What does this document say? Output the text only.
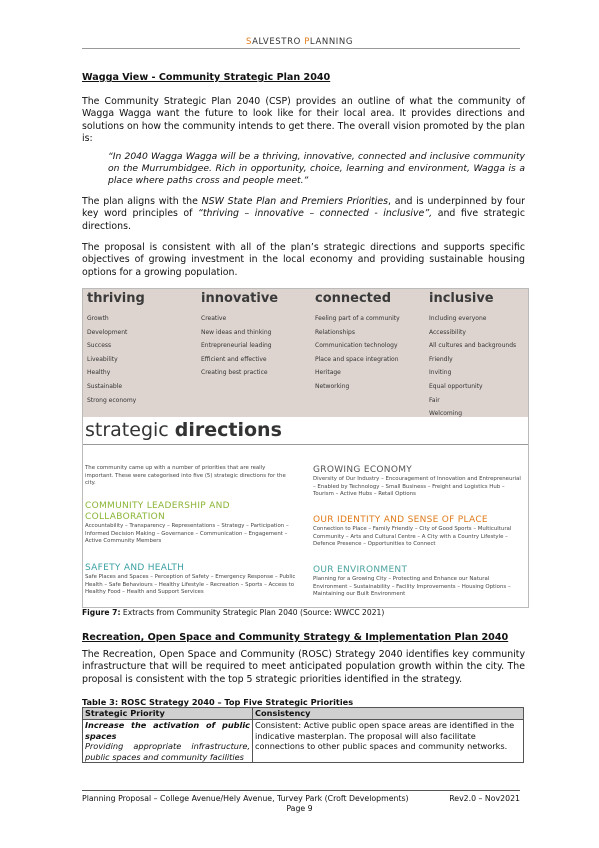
SALVESTRO PLANNING
Wagga View - Community Strategic Plan 2040

The Community Strategic Plan 2040 (CSP) provides an outline of what the community of Wagga Wagga want the future to look like for their local area. It provides directions and solutions on how the community intends to get there. The overall vision promoted by the plan is:

“In 2040 Wagga Wagga will be a thriving, innovative, connected and inclusive community on the Murrumbidgee. Rich in opportunity, choice, learning and environment, Wagga is a place where paths cross and people meet.”

The plan aligns with the NSW State Plan and Premiers Priorities, and is underpinned by four key word principles of “thriving – innovative – connected - inclusive”, and five strategic directions.

The proposal is consistent with all of the plan’s strategic directions and supports specific objectives of growing investment in the local economy and providing sustainable housing options for a growing population.

thriving
Growth
Development
Success
Liveability
Healthy
Sustainable
Strong economy
innovative
Creative
New ideas and thinking
Entrepreneurial leading
Efficient and effective
Creating best practice
connected
Feeling part of a community
Relationships
Communication technology
Place and space integration
Heritage
Networking
inclusive
Including everyone
Accessibility
All cultures and backgrounds
Friendly
Inviting
Equal opportunity
Fair
Welcoming
strategic directions
The community came up with a number of priorities that are really important. These were categorised into five (5) strategic directions for the city.
COMMUNITY LEADERSHIP AND COLLABORATION
Accountability – Transparency – Representations – Strategy – Participation – Informed Decision Making – Governance – Communication – Engagement – Active Community Members
SAFETY AND HEALTH
Safe Places and Spaces – Perception of Safety – Emergency Response – Public Health – Safe Behaviours – Healthy Lifestyle – Recreation – Sports – Access to Healthy Food – Health and Support Services
GROWING ECONOMY
Diversity of Our Industry – Encouragement of Innovation and Entrepreneurial – Enabled by Technology – Small Business – Freight and Logistics Hub – Tourism – Active Hubs – Retail Options
OUR IDENTITY AND SENSE OF PLACE
Connection to Place – Family Friendly – City of Good Sports – Multicultural Community – Arts and Cultural Centre – A City with a Country Lifestyle – Defence Presence – Opportunities to Connect
OUR ENVIRONMENT
Planning for a Growing City – Protecting and Enhance our Natural Environment – Sustainability – Facility Improvements – Housing Options – Maintaining our Built Environment
Figure 7: Extracts from Community Strategic Plan 2040 (Source: WWCC 2021)
Recreation, Open Space and Community Strategy & Implementation Plan 2040

The Recreation, Open Space and Community (ROSC) Strategy 2040 identifies key community infrastructure that will be required to meet anticipated population growth within the city. The proposal is consistent with the top 5 strategic priorities identified in the strategy.

Table 3: ROSC Strategy 2040 – Top Five Strategic Priorities
Strategic Priority	Consistency

Increase the activation of public spaces
Providing appropriate infrastructure, public spaces and community facilities	Consistent: Active public open space areas are identified in the indicative masterplan. The proposal will also facilitate connections to other public spaces and community networks.
Planning Proposal – College Avenue/Hely Avenue, Turvey Park (Croft Developments)	Rev2.0 – Nov2021
Page 9
